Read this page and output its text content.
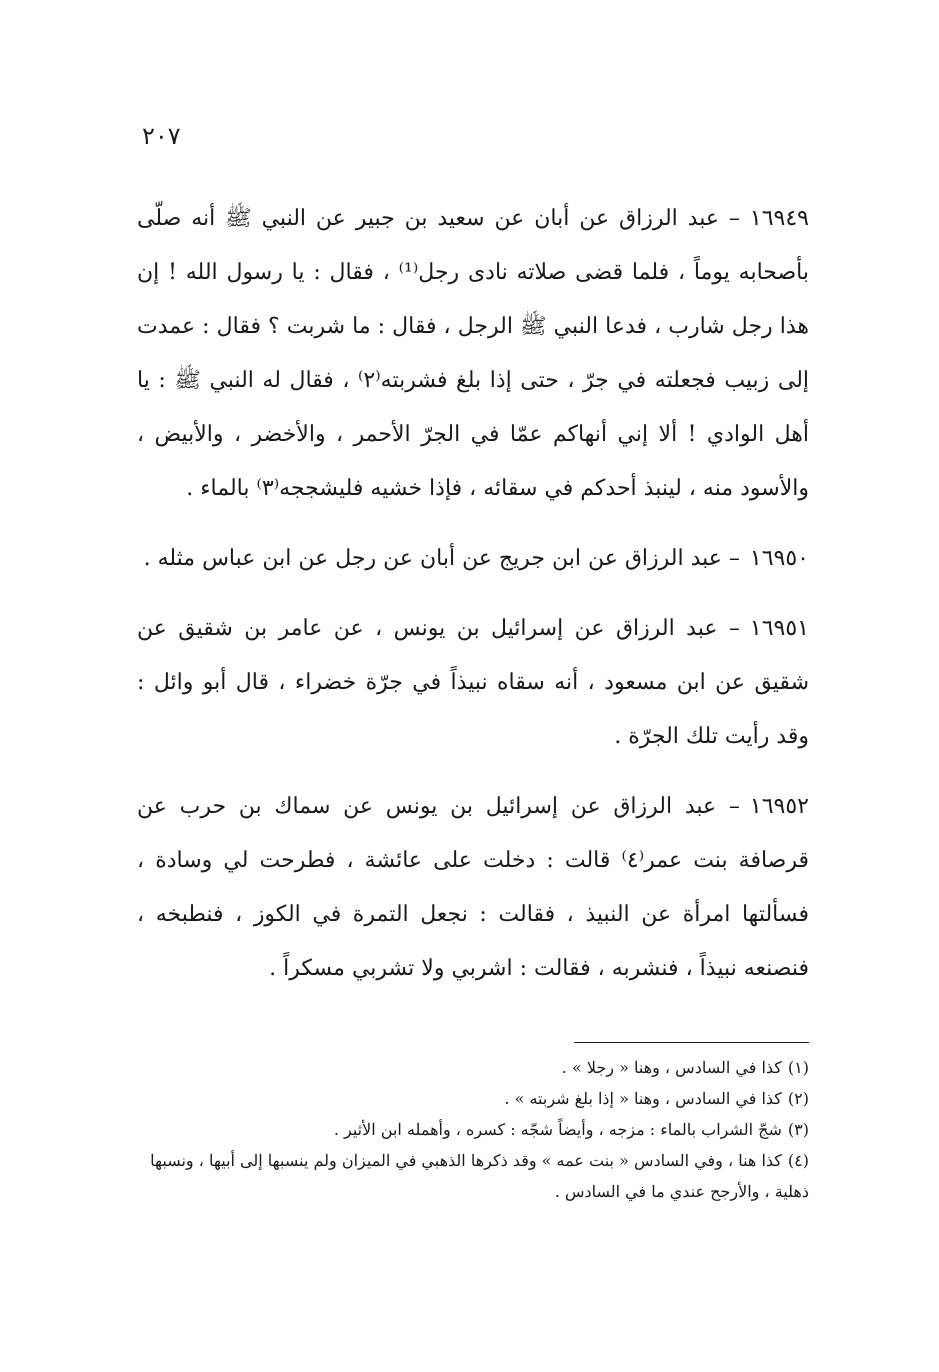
٢٠٧

١٦٩٤٩– عبد الرزاق عن أبان عن سعيد بن جبير عن النبي ﷺ أنه صلّى بأصحابه يوماً ، فلما قضى صلاته نادى رجل⁽¹⁾ ، فقال : يا رسول الله ! إن هذا رجل شارب ، فدعا النبي ﷺ الرجل ، فقال : ما شربت ؟ فقال : عمدت إلى زبيب فجعلته في جرّ ، حتى إذا بلغ فشربته⁽٢⁾ ، فقال له النبي ﷺ : يا أهل الوادي ! ألا إني أنهاكم عمّا في الجرّ الأحمر ، والأخضر ، والأبيض ، والأسود منه ، لينبذ أحدكم في سقائه ، فإذا خشيه فليشججه⁽٣⁾ بالماء .

١٦٩٥٠– عبد الرزاق عن ابن جريج عن أبان عن رجل عن ابن عباس مثله .

١٦٩٥١– عبد الرزاق عن إسرائيل بن يونس ، عن عامر بن شقيق عن شقيق عن ابن مسعود ، أنه سقاه نبيذاً في جرّة خضراء ، قال أبو وائل : وقد رأيت تلك الجرّة .

١٦٩٥٢– عبد الرزاق عن إسرائيل بن يونس عن سماك بن حرب عن قرصافة بنت عمر⁽٤⁾ قالت : دخلت على عائشة ، فطرحت لي وسادة ، فسألتها امرأة عن النبيذ ، فقالت : نجعل التمرة في الكوز ، فنطبخه ، فنصنعه نبيذاً ، فنشربه ، فقالت : اشربي ولا تشربي مسكراً .

(١)كذا في السادس ، وهنا « رجلا » .

(٢)كذا في السادس ، وهنا « إذا بلغ شربته » .

(٣)شجّ الشراب بالماء : مزجه ، وأيضاً شجّه : كسره ، وأهمله ابن الأثير .

(٤)كذا هنا ، وفي السادس « بنت عمه » وقد ذكرها الذهبي في الميزان ولم ينسبها إلى أبيها ، ونسبها ذهلية ، والأرجح عندي ما في السادس .
